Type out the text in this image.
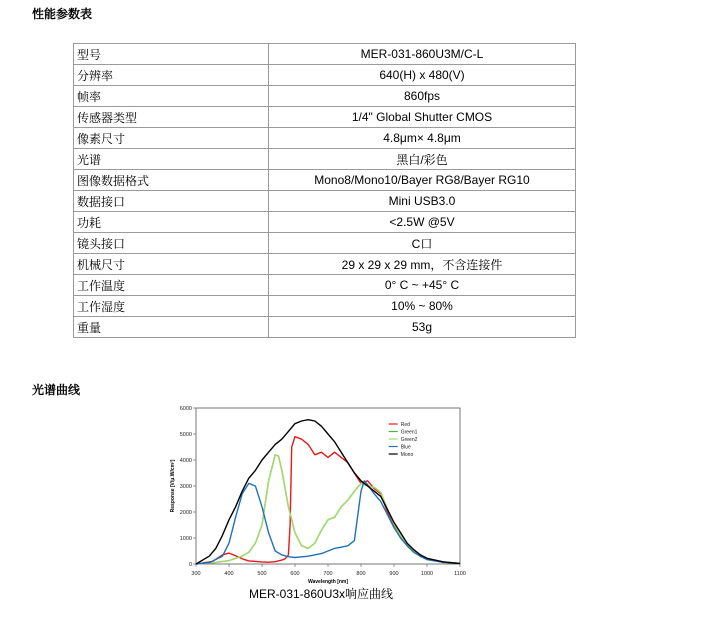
性能参数表
型号	MER-031-860U3M/C-L
分辨率	640(H) x 480(V)
帧率	860fps
传感器类型	1/4" Global Shutter CMOS
像素尺寸	4.8μm× 4.8μm
光谱	黑白/彩色
图像数据格式	Mono8/Mono10/Bayer RG8/Bayer RG10
数据接口	Mini USB3.0
功耗	<2.5W @5V
镜头接口	C口
机械尺寸	29 x 29 x 29 mm，不含连接件
工作温度	0° C ~ +45° C
工作湿度	10% ~ 80%
重量	53g
光谱曲线
300	400	500	600	700	800	900	1000	1100
0
1000
2000
3000
4000
5000
6000
Wavelength [nm]
Response [V/μ.W/cm²]
Red
Green1
Green2
Blue
Mono
MER-031-860U3x响应曲线
